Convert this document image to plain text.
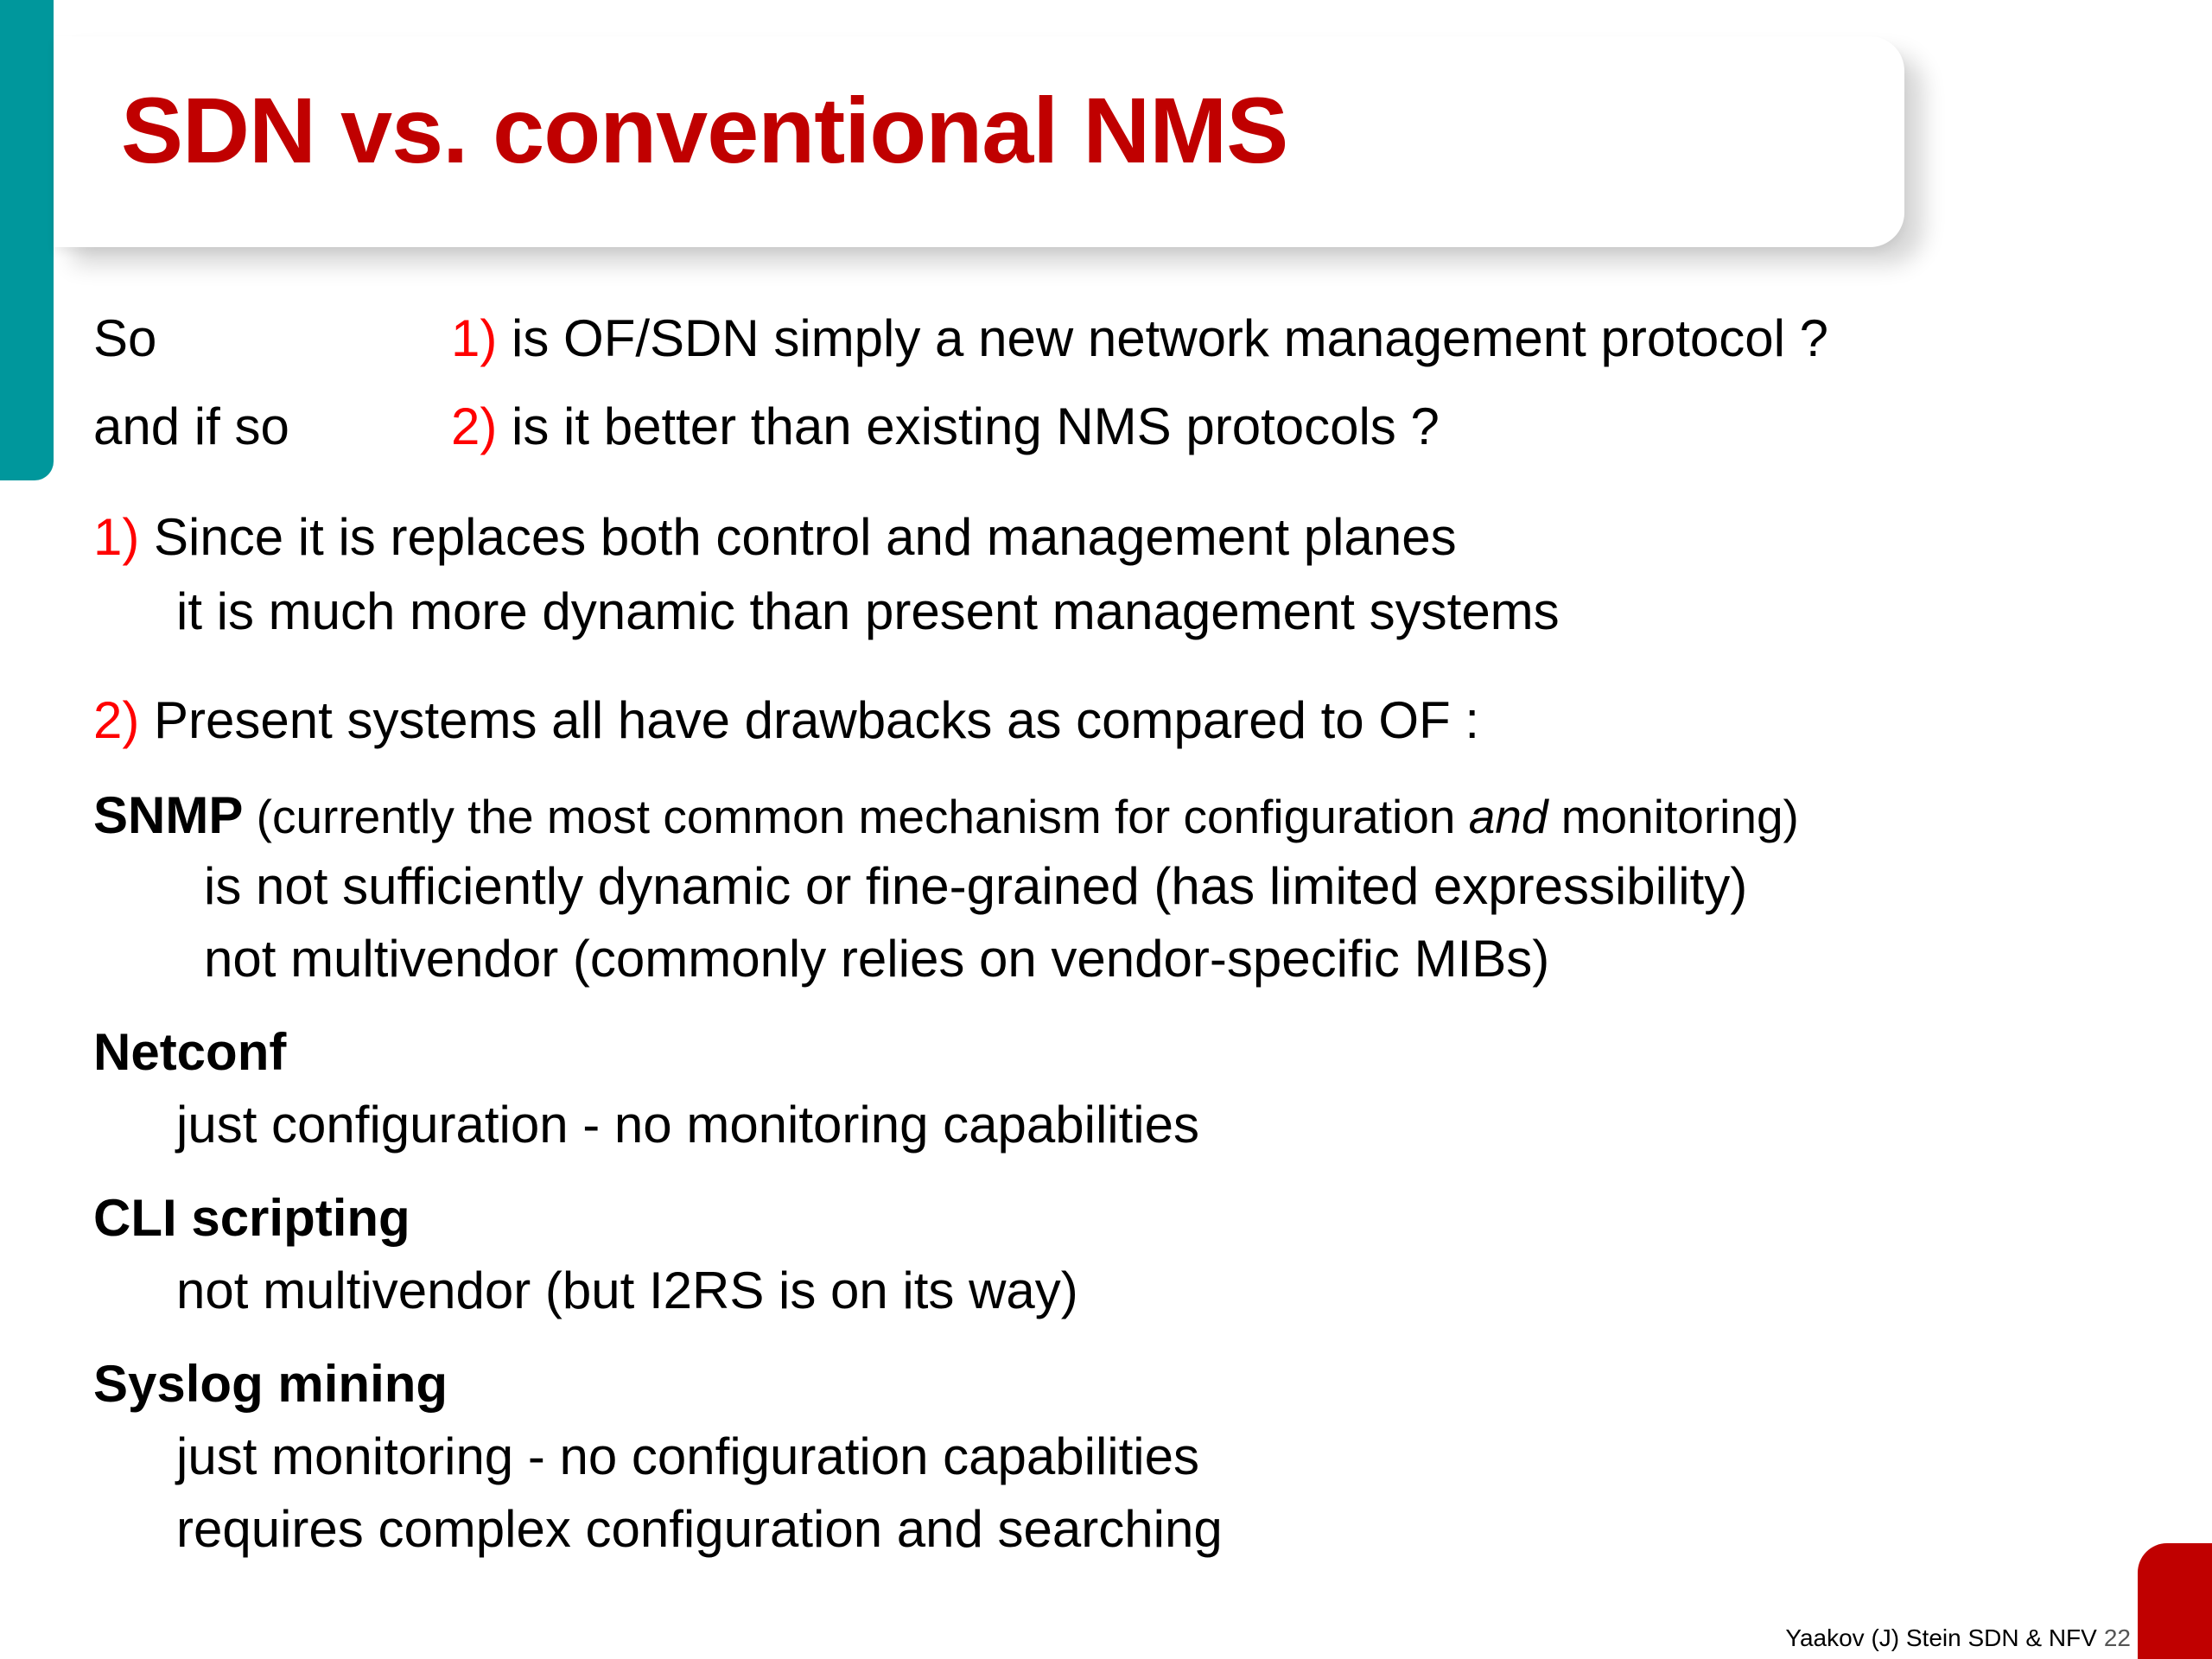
SDN vs. conventional NMS
So	1) is OF/SDN simply a new network management protocol ?
and if so	2) is it better than existing NMS protocols ?
1) Since it is replaces both control and management planes
it is much more dynamic than present management systems
2) Present systems all have drawbacks as compared to OF :
SNMP (currently the most common mechanism for configuration and monitoring)
is not sufficiently dynamic or fine-grained (has limited expressibility)
not multivendor (commonly relies on vendor-specific MIBs)
Netconf
just configuration - no monitoring capabilities
CLI scripting
not multivendor (but I2RS is on its way)
Syslog mining
just monitoring - no configuration capabilities
requires complex configuration and searching
Yaakov (J) Stein SDN & NFV 22
